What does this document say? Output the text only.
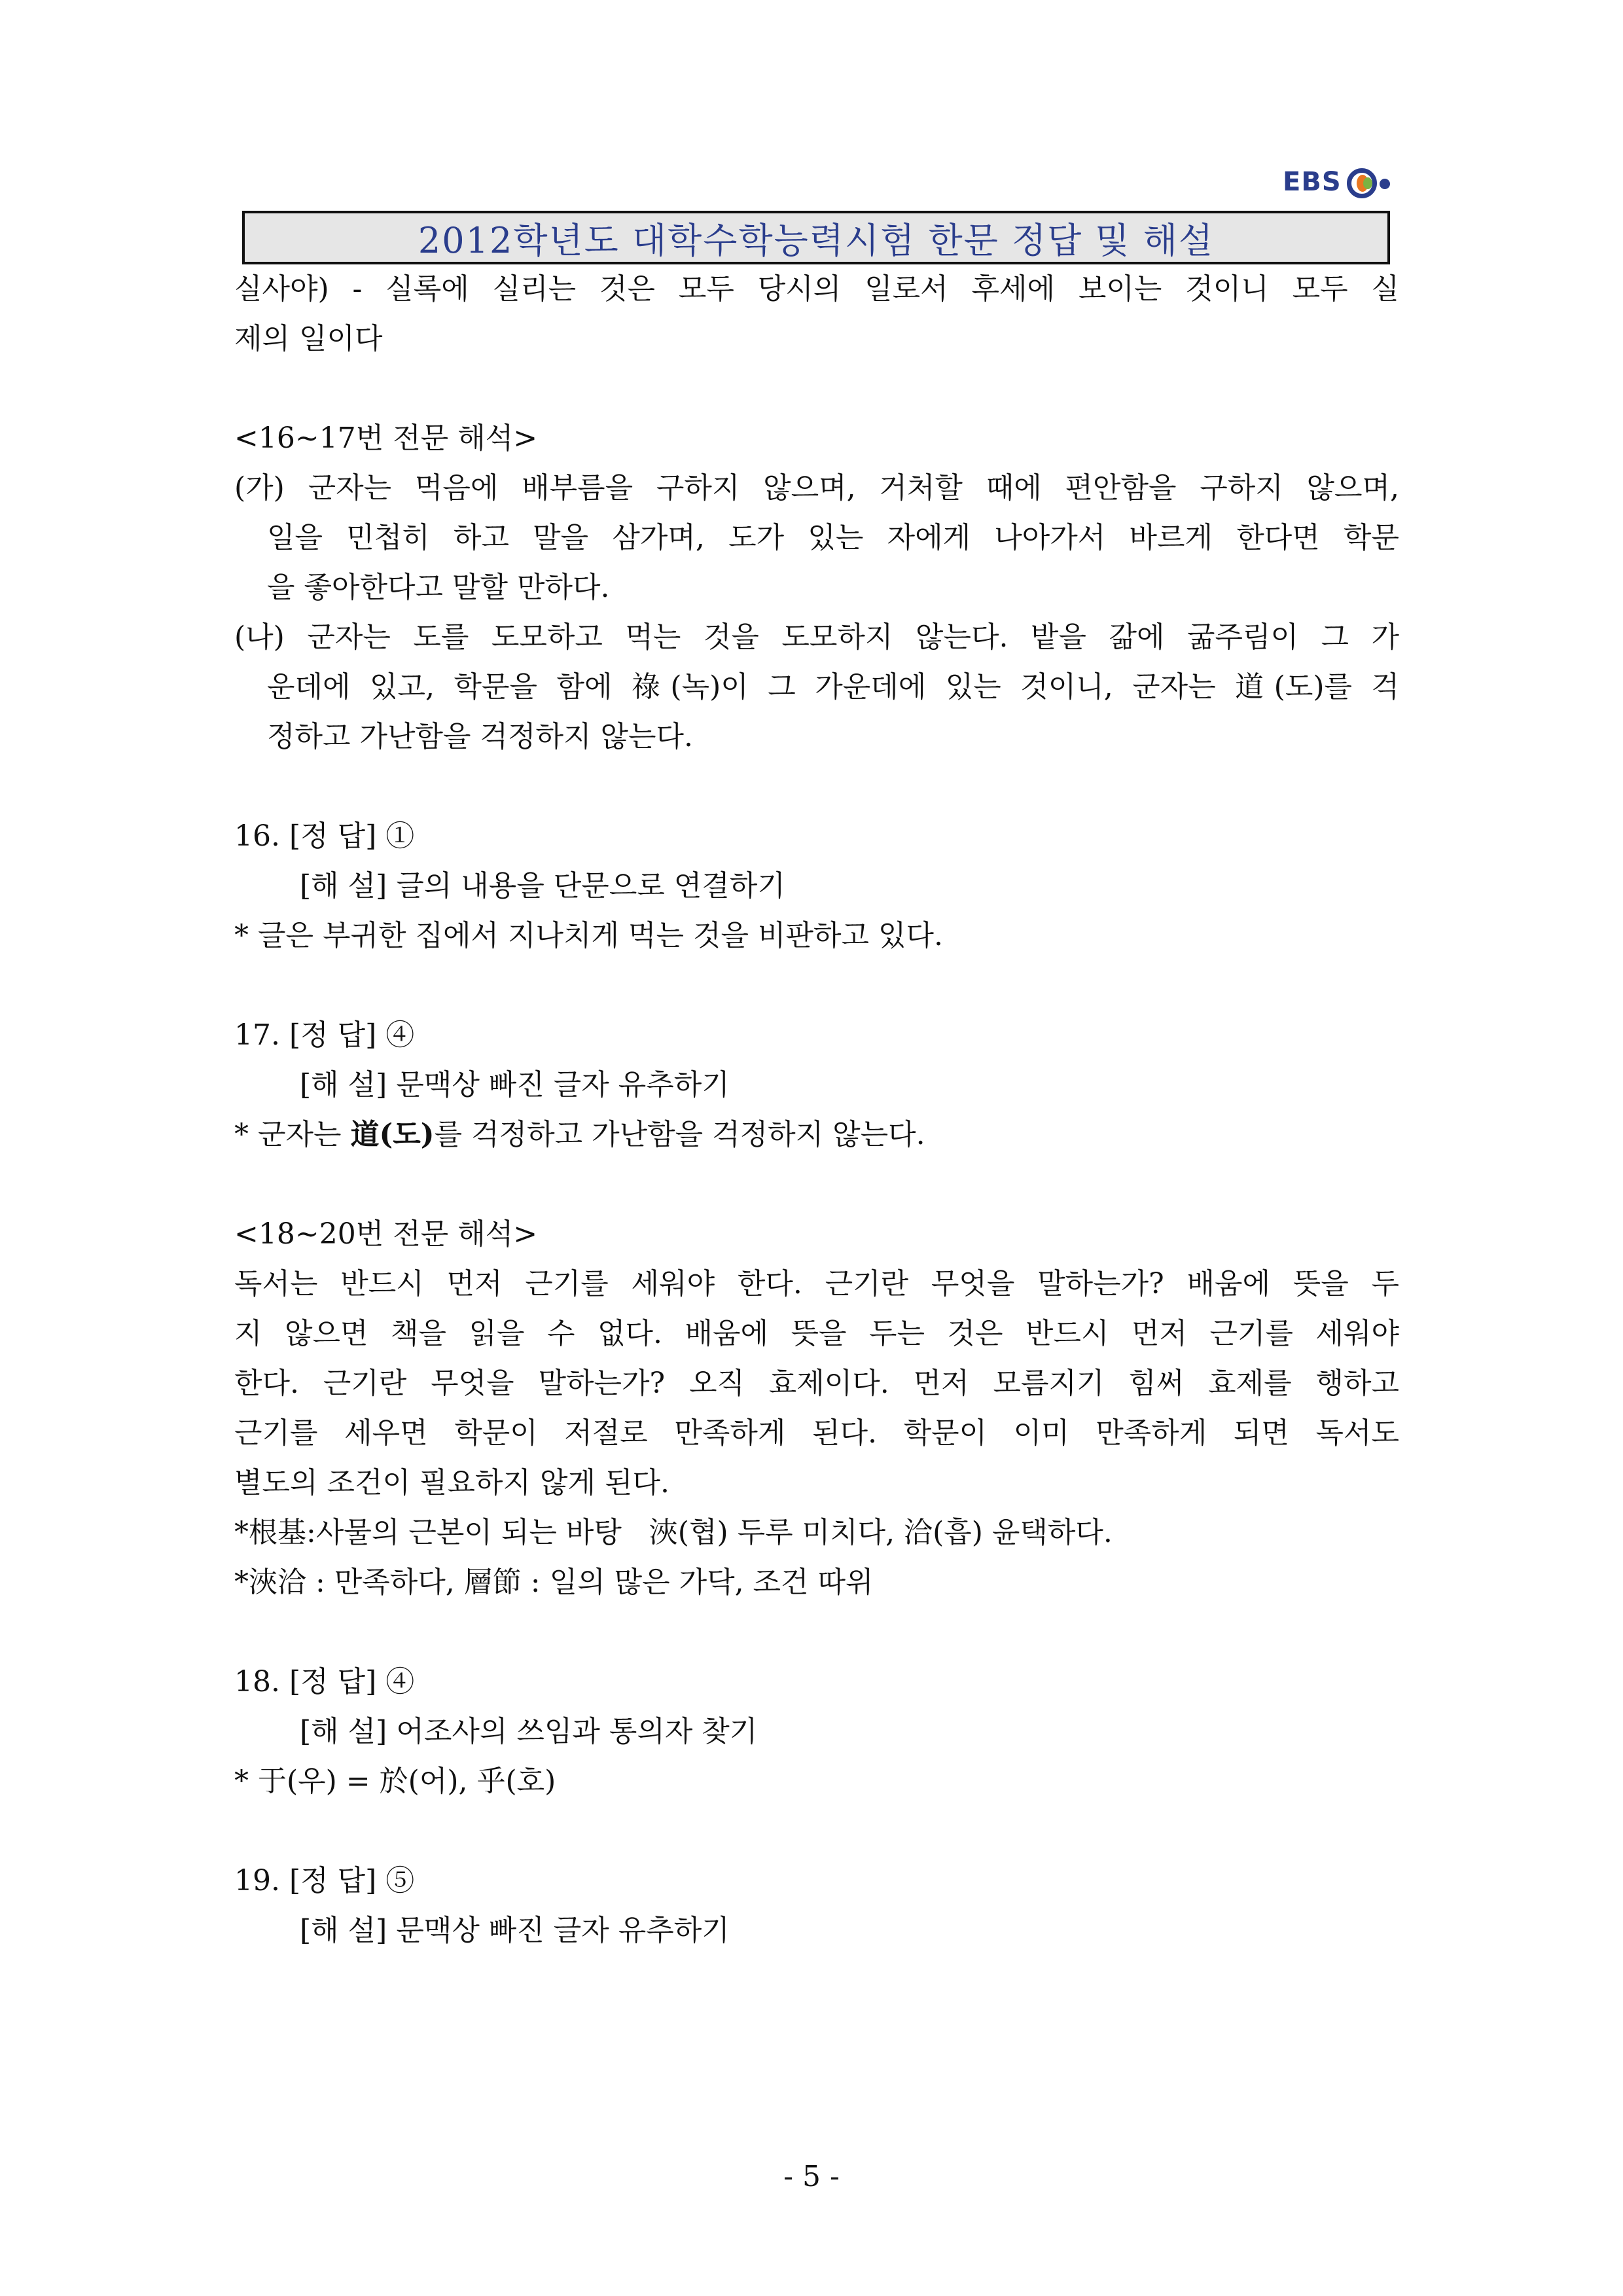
EBS
2012학년도 대학수학능력시험 한문 정답 및 해설
실사야) - 실록에 실리는 것은 모두 당시의 일로서 후세에 보이는 것이니 모두 실
제의 일이다
<16~17번 전문 해석>
(가) 군자는 먹음에 배부름을 구하지 않으며, 거처할 때에 편안함을 구하지 않으며,
일을 민첩히 하고 말을 삼가며, 도가 있는 자에게 나아가서 바르게 한다면 학문
을 좋아한다고 말할 만하다.
(나) 군자는 도를 도모하고 먹는 것을 도모하지 않는다. 밭을 갊에 굶주림이 그 가
운데에 있고, 학문을 함에 祿(녹)이 그 가운데에 있는 것이니, 군자는 道(도)를 걱
정하고 가난함을 걱정하지 않는다.
16. [정 답] ①
[해 설] 글의 내용을 단문으로 연결하기
* 글은 부귀한 집에서 지나치게 먹는 것을 비판하고 있다.
17. [정 답] ④
[해 설] 문맥상 빠진 글자 유추하기
* 군자는 道(도)를 걱정하고 가난함을 걱정하지 않는다.
<18~20번 전문 해석>
독서는 반드시 먼저 근기를 세워야 한다. 근기란 무엇을 말하는가? 배움에 뜻을 두
지 않으면 책을 읽을 수 없다. 배움에 뜻을 두는 것은 반드시 먼저 근기를 세워야
한다. 근기란 무엇을 말하는가? 오직 효제이다. 먼저 모름지기 힘써 효제를 행하고
근기를 세우면 학문이 저절로 만족하게 된다. 학문이 이미 만족하게 되면 독서도
별도의 조건이 필요하지 않게 된다.
*根基:사물의 근본이 되는 바탕   浹(협) 두루 미치다, 洽(흡) 윤택하다.
*浹洽 : 만족하다, 層節 : 일의 많은 가닥, 조건 따위
18. [정 답] ④
[해 설] 어조사의 쓰임과 통의자 찾기
* 于(우) = 於(어), 乎(호)
19. [정 답] ⑤
[해 설] 문맥상 빠진 글자 유추하기
- 5 -
